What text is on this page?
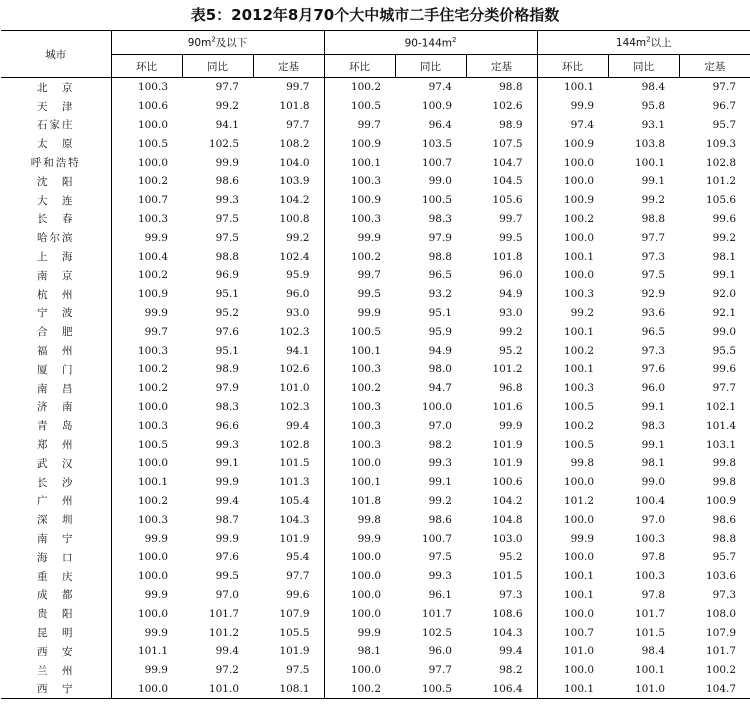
表5：2012年8月70个大中城市二手住宅分类价格指数
城市	$90m^2$及以下			$90-144m^2$			$144m^2$以上		
	环比	同比	定基	环比	同比	定基	环比	同比	定基
北　京	100.3	97.7	99.7	100.2	97.4	98.8	100.1	98.4	97.7
天　津	100.6	99.2	101.8	100.5	100.9	102.6	99.9	95.8	96.7
石家庄	100.0	94.1	97.7	99.7	96.4	98.9	97.4	93.1	95.7
太　原	100.5	102.5	108.2	100.9	103.5	107.5	100.9	103.8	109.3
呼和浩特	100.0	99.9	104.0	100.1	100.7	104.7	100.0	100.1	102.8
沈　阳	100.2	98.6	103.9	100.3	99.0	104.5	100.0	99.1	101.2
大　连	100.7	99.3	104.2	100.9	100.5	105.6	100.9	99.2	105.6
长　春	100.3	97.5	100.8	100.3	98.3	99.7	100.2	98.8	99.6
哈尔滨	99.9	97.5	99.2	99.9	97.9	99.5	100.0	97.7	99.2
上　海	100.4	98.8	102.4	100.2	98.8	101.8	100.1	97.3	98.1
南　京	100.2	96.9	95.9	99.7	96.5	96.0	100.0	97.5	99.1
杭　州	100.9	95.1	96.0	99.5	93.2	94.9	100.3	92.9	92.0
宁　波	99.9	95.2	93.0	99.9	95.1	93.0	99.2	93.6	92.1
合　肥	99.7	97.6	102.3	100.5	95.9	99.2	100.1	96.5	99.0
福　州	100.3	95.1	94.1	100.1	94.9	95.2	100.2	97.3	95.5
厦　门	100.2	98.9	102.6	100.3	98.0	101.2	100.1	97.6	99.6
南　昌	100.2	97.9	101.0	100.2	94.7	96.8	100.3	96.0	97.7
济　南	100.0	98.3	102.3	100.3	100.0	101.6	100.5	99.1	102.1
青　岛	100.3	96.6	99.4	100.3	97.0	99.9	100.2	98.3	101.4
郑　州	100.5	99.3	102.8	100.3	98.2	101.9	100.5	99.1	103.1
武　汉	100.0	99.1	101.5	100.0	99.3	101.9	99.8	98.1	99.8
长　沙	100.1	99.9	101.3	100.1	99.1	100.6	100.0	99.0	99.8
广　州	100.2	99.4	105.4	101.8	99.2	104.2	101.2	100.4	100.9
深　圳	100.3	98.7	104.3	99.8	98.6	104.8	100.0	97.0	98.6
南　宁	99.9	99.9	101.9	99.9	100.7	103.0	99.9	100.3	98.8
海　口	100.0	97.6	95.4	100.0	97.5	95.2	100.0	97.8	95.7
重　庆	100.0	99.5	97.7	100.0	99.3	101.5	100.1	100.3	103.6
成　都	99.9	97.0	99.6	100.0	96.1	97.3	100.1	97.8	97.3
贵　阳	100.0	101.7	107.9	100.0	101.7	108.6	100.0	101.7	108.0
昆　明	99.9	101.2	105.5	99.9	102.5	104.3	100.7	101.5	107.9
西　安	101.1	99.4	101.9	98.1	96.0	99.4	101.0	98.4	101.7
兰　州	99.9	97.2	97.5	100.0	97.7	98.2	100.0	100.1	100.2
西　宁	100.0	101.0	108.1	100.2	100.5	106.4	100.1	101.0	104.7
